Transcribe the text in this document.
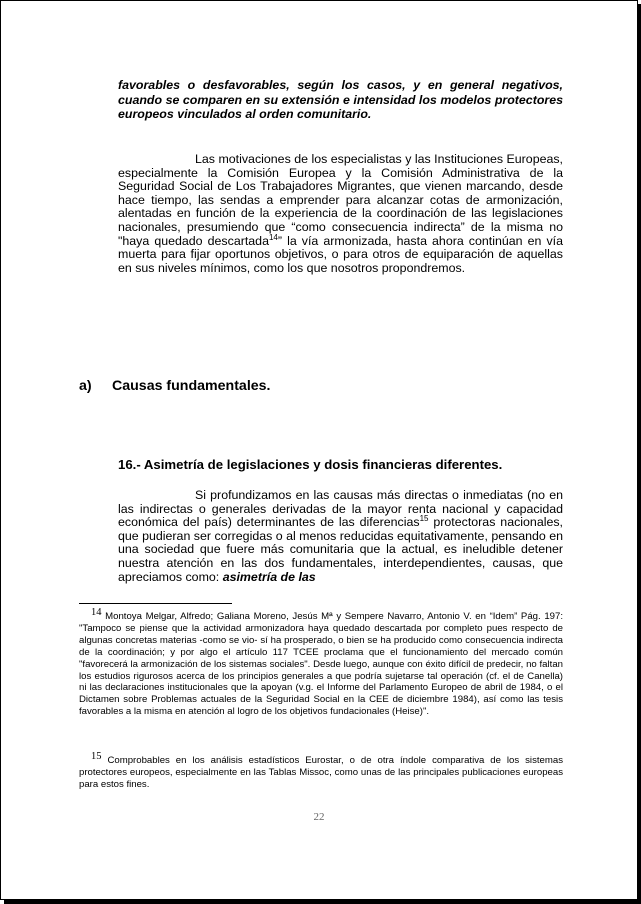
favorables o desfavorables, según los casos, y en general negativos, cuando se comparen en su extensión e intensidad los modelos protectores europeos vinculados al orden comunitario.

Las motivaciones de los especialistas y las Instituciones Europeas, especialmente la Comisión Europea y la Comisión Administrativa de la Seguridad Social de Los Trabajadores Migrantes, que vienen marcando, desde hace tiempo, las sendas a emprender para alcanzar cotas de armonización, alentadas en función de la experiencia de la coordinación de las legislaciones nacionales, presumiendo que “como consecuencia indirecta” de la misma no "haya quedado descartada$^{14}$” la vía armonizada, hasta ahora continúan en vía muerta para fijar oportunos objetivos, o para otros de equiparación de aquellas en sus niveles mínimos, como los que nosotros propondremos.

a) Causas fundamentales.
16.- Asimetría de legislaciones y dosis financieras diferentes.

Si profundizamos en las causas más directas o inmediatas (no en las indirectas o generales derivadas de la mayor renta nacional y capacidad económica del país) determinantes de las diferencias$^{15}$ protectoras nacionales, que pudieran ser corregidas o al menos reducidas equitativamente, pensando en una sociedad que fuere más comunitaria que la actual, es ineludible detener nuestra atención en las dos fundamentales, interdependientes, causas, que apreciamos como: asimetría de las

14 Montoya Melgar, Alfredo; Galiana Moreno, Jesús Mª y Sempere Navarro, Antonio V. en “Idem” Pág. 197: "Tampoco se piense que la actividad armonizadora haya quedado descartada por completo pues respecto de algunas concretas materias -como se vio- sí ha prosperado, o bien se ha producido como consecuencia indirecta de la coordinación; y por algo el artículo 117 TCEE proclama que el funcionamiento del mercado común "favorecerá la armonización de los sistemas sociales". Desde luego, aunque con éxito difícil de predecir, no faltan los estudios rigurosos acerca de los principios generales a que podría sujetarse tal operación (cf. el de Canella) ni las declaraciones institucionales que la apoyan (v.g. el Informe del Parlamento Europeo de abril de 1984, o el Dictamen sobre Problemas actuales de la Seguridad Social en la CEE de diciembre 1984), así como las tesis favorables a la misma en atención al logro de los objetivos fundacionales (Heise)".

15 Comprobables en los análisis estadísticos Eurostar, o de otra índole comparativa de los sistemas protectores europeos, especialmente en las Tablas Missoc, como unas de las principales publicaciones europeas para estos fines.

22
